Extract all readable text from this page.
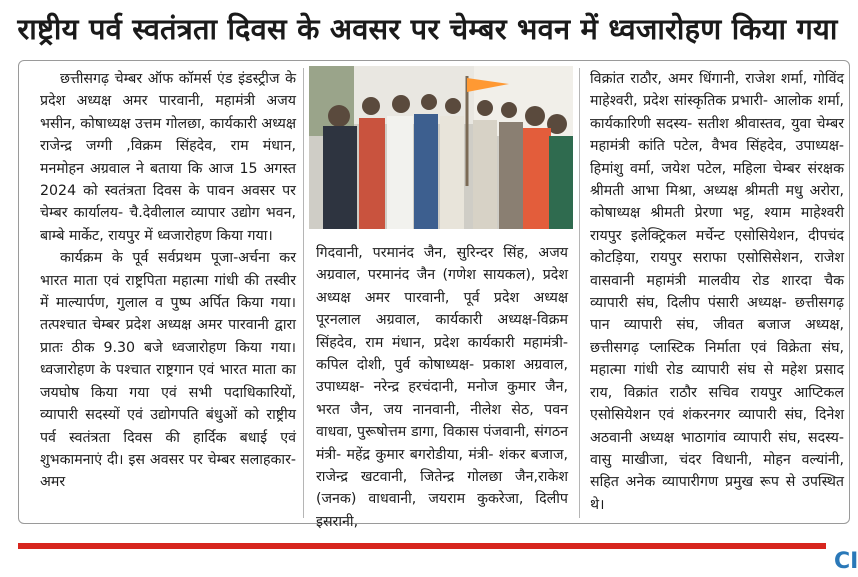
राष्ट्रीय पर्व स्वतंत्रता दिवस के अवसर पर चेम्बर भवन में ध्वजारोहण किया गया

छत्तीसगढ़ चेम्बर ऑफ कॉमर्स एंड इंडस्ट्रीज के प्रदेश अध्यक्ष अमर पारवानी, महामंत्री अजय भसीन, कोषाध्यक्ष उत्तम गोलछा, कार्यकारी अध्यक्ष राजेन्द्र जग्गी ,विक्रम सिंहदेव, राम मंधान, मनमोहन अग्रवाल ने बताया कि आज 15 अगस्त 2024 को स्वतंत्रता दिवस के पावन अवसर पर चेम्बर कार्यालय- चै.देवीलाल व्यापार उद्योग भवन, बाम्बे मार्केट, रायपुर में ध्वजारोहण किया गया।

कार्यक्रम के पूर्व सर्वप्रथम पूजा-अर्चना कर भारत माता एवं राष्ट्रपिता महात्मा गांधी की तस्वीर में माल्यार्पण, गुलाल व पुष्प अर्पित किया गया। तत्पश्चात चेम्बर प्रदेश अध्यक्ष अमर पारवानी द्वारा प्रातः ठीक 9.30 बजे ध्वजारोहण किया गया। ध्वजारोहण के पश्चात राष्ट्रगान एवं भारत माता का जयघोष किया गया एवं सभी पदाधिकारियों, व्यापारी सदस्यों एवं उद्योगपति बंधुओं को राष्ट्रीय पर्व स्वतंत्रता दिवस की हार्दिक बधाई एवं शुभकामनाएं दी। इस अवसर पर चेम्बर सलाहकार-अमर

गिदवानी, परमानंद जैन, सुरिन्दर सिंह, अजय अग्रवाल, परमानंद जैन (गणेश सायकल), प्रदेश अध्यक्ष अमर पारवानी, पूर्व प्रदेश अध्यक्ष पूरनलाल अग्रवाल, कार्यकारी अध्यक्ष-विक्रम सिंहदेव, राम मंधान, प्रदेश कार्यकारी महामंत्री- कपिल दोशी, पुर्व कोषाध्यक्ष- प्रकाश अग्रवाल, उपाध्यक्ष- नरेन्द्र हरचंदानी, मनोज कुमार जैन, भरत जैन, जय नानवानी, नीलेश सेठ, पवन वाधवा, पुरूषोत्तम डागा, विकास पंजवानी, संगठन मंत्री- महेंद्र कुमार बगरोडीया, मंत्री- शंकर बजाज, राजेन्द्र खटवानी, जितेन्द्र गोलछा जैन,राकेश (जनक) वाधवानी, जयराम कुकरेजा, दिलीप इसरानी,

विक्रांत राठौर, अमर धिंगानी, राजेश शर्मा, गोविंद माहेश्वरी, प्रदेश सांस्कृतिक प्रभारी- आलोक शर्मा, कार्यकारिणी सदस्य- सतीश श्रीवास्तव, युवा चेम्बर महामंत्री कांति पटेल, वैभव सिंहदेव, उपाध्यक्ष-हिमांशु वर्मा, जयेश पटेल, महिला चेम्बर संरक्षक श्रीमती आभा मिश्रा, अध्यक्ष श्रीमती मधु अरोरा, कोषाध्यक्ष श्रीमती प्रेरणा भट्ट, श्याम माहेश्वरी रायपुर इलेक्ट्रिकल मर्चेन्ट एसोसियेशन, दीपचंद कोटड़िया, रायपुर सराफा एसोसिसेशन, राजेश वासवानी महामंत्री मालवीय रोड शारदा चैक व्यापारी संघ, दिलीप पंसारी अध्यक्ष- छत्तीसगढ़ पान व्यापारी संघ, जीवत बजाज अध्यक्ष, छत्तीसगढ़ प्लास्टिक निर्माता एवं विक्रेता संघ, महात्मा गांधी रोड व्यापारी संघ से महेश प्रसाद राय, विक्रांत राठौर सचिव रायपुर आप्टिकल एसोसियेशन एवं शंकरनगर व्यापारी संघ, दिनेश अठवानी अध्यक्ष भाठागांव व्यापारी संघ, सदस्य-वासु माखीजा, चंदर विधानी, मोहन वल्यांनी, सहित अनेक व्यापारीगण प्रमुख रूप से उपस्थित थे।

CI
